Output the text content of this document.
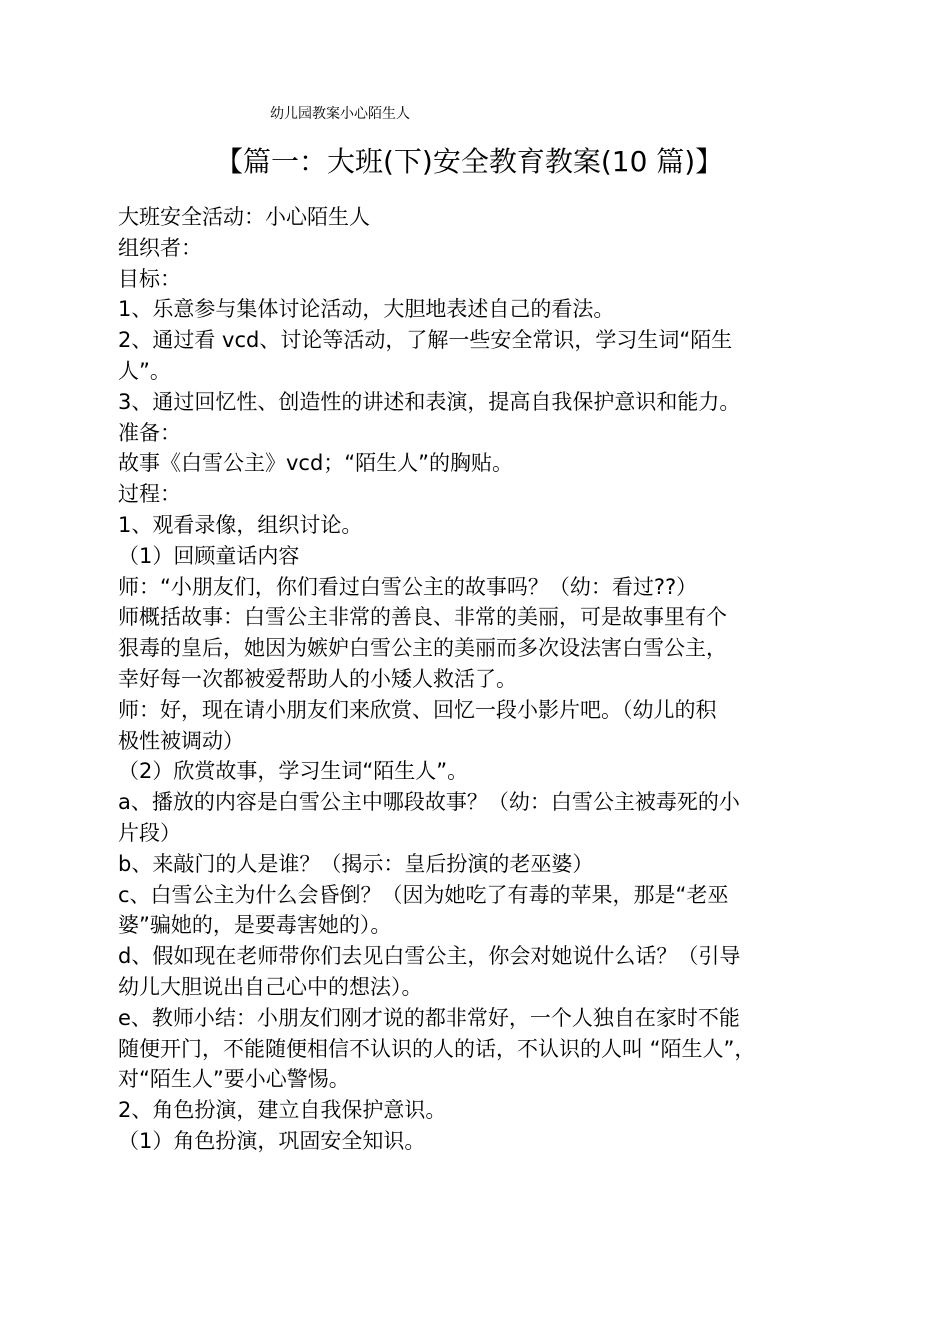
幼儿园教案小心陌生人
【篇一：大班(下)安全教育教案(10 篇)】
大班安全活动：小心陌生人
组织者：
目标：
1、乐意参与集体讨论活动，大胆地表述自己的看法。
2、通过看 vcd、讨论等活动，了解一些安全常识，学习生词“陌生
人”。
3、通过回忆性、创造性的讲述和表演，提高自我保护意识和能力。
准备：
故事《白雪公主》vcd；“陌生人”的胸贴。
过程：
1、观看录像，组织讨论。
（1）回顾童话内容
师：“小朋友们，你们看过白雪公主的故事吗？（幼：看过??）
师概括故事：白雪公主非常的善良、非常的美丽，可是故事里有个
狠毒的皇后，她因为嫉妒白雪公主的美丽而多次设法害白雪公主，
幸好每一次都被爱帮助人的小矮人救活了。
师：好，现在请小朋友们来欣赏、回忆一段小影片吧。（幼儿的积
极性被调动）
（2）欣赏故事，学习生词“陌生人”。
a、播放的内容是白雪公主中哪段故事？（幼：白雪公主被毒死的小
片段）
b、来敲门的人是谁？（揭示：皇后扮演的老巫婆）
c、白雪公主为什么会昏倒？（因为她吃了有毒的苹果，那是“老巫
婆”骗她的，是要毒害她的）。
d、假如现在老师带你们去见白雪公主，你会对她说什么话？（引导
幼儿大胆说出自己心中的想法）。
e、教师小结：小朋友们刚才说的都非常好，一个人独自在家时不能
随便开门，不能随便相信不认识的人的话，不认识的人叫 “陌生人”，
对“陌生人”要小心警惕。
2、角色扮演，建立自我保护意识。
（1）角色扮演，巩固安全知识。
